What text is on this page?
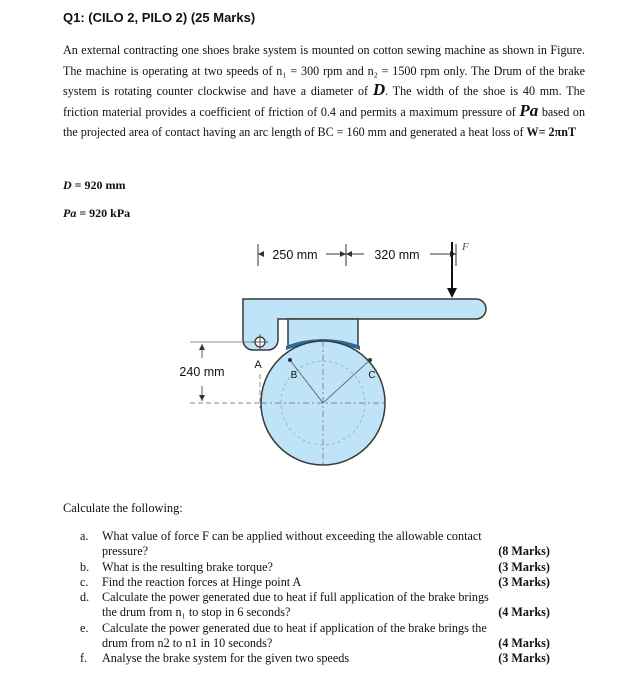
Q1: (CILO 2, PILO 2) (25 Marks)
An external contracting one shoes brake system is mounted on cotton sewing machine as shown in Figure. The machine is operating at two speeds of n₁ = 300 rpm and n₂ = 1500 rpm only. The Drum of the brake system is rotating counter clockwise and have a diameter of D. The width of the shoe is 40 mm. The friction material provides a coefficient of friction of 0.4 and permits a maximum pressure of Pa based on the projected area of contact having an arc length of BC = 160 mm and generated a heat loss of W= 2πnT
D = 920 mm
Pa = 920 kPa
250 mm	320 mm
F
B	C
A
240 mm
Calculate the following:
a. What value of force F can be applied without exceeding the allowable contact pressure?	(8 Marks)
b. What is the resulting brake torque?	(3 Marks)
c. Find the reaction forces at Hinge point A	(3 Marks)
d. Calculate the power generated due to heat if full application of the brake brings the drum from n₁ to stop in 6 seconds?	(4 Marks)
e. Calculate the power generated due to heat if application of the brake brings the drum from n2 to n1 in 10 seconds?	(4 Marks)
f. Analyse the brake system for the given two speeds	(3 Marks)
